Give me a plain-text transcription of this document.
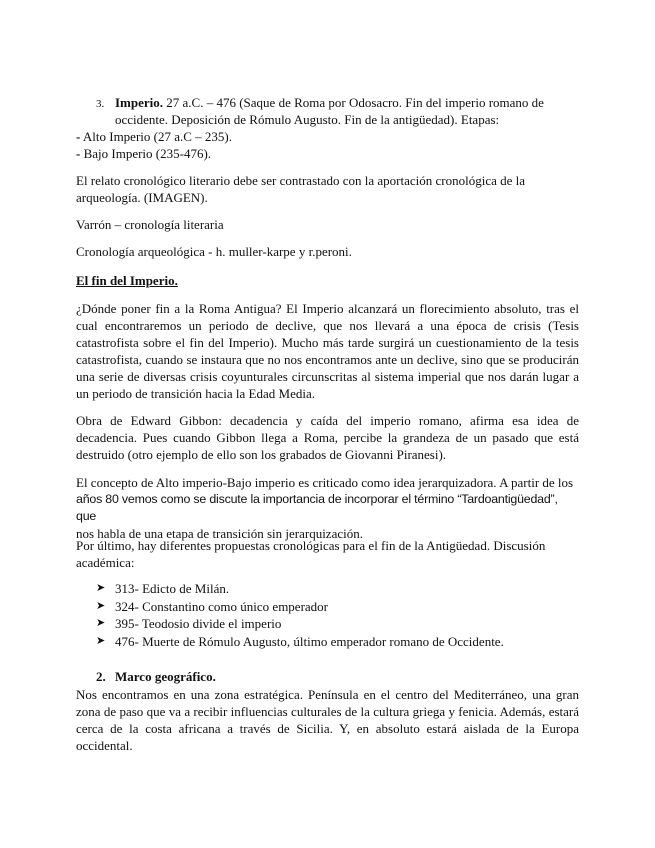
3. Imperio. 27 a.C. – 476 (Saque de Roma por Odosacro. Fin del imperio romano de

occidente. Deposición de Rómulo Augusto. Fin de la antigüedad). Etapas:

- Alto Imperio (27 a.C – 235).

- Bajo Imperio (235-476).

El relato cronológico literario debe ser contrastado con la aportación cronológica de la

arqueología. (IMAGEN).

Varrón – cronología literaria

Cronología arqueológica - h. muller-karpe y r.peroni.

El fin del Imperio.

¿Dónde poner fin a la Roma Antigua? El Imperio alcanzará un florecimiento absoluto, tras el cual encontraremos un periodo de declive, que nos llevará a una época de crisis (Tesis catastrofista sobre el fin del Imperio). Mucho más tarde surgirá un cuestionamiento de la tesis catastrofista, cuando se instaura que no nos encontramos ante un declive, sino que se producirán una serie de diversas crisis coyunturales circunscritas al sistema imperial que nos darán lugar a un periodo de transición hacia la Edad Media.

Obra de Edward Gibbon: decadencia y caída del imperio romano, afirma esa idea de decadencia. Pues cuando Gibbon llega a Roma, percibe la grandeza de un pasado que está destruido (otro ejemplo de ello son los grabados de Giovanni Piranesi).

El concepto de Alto imperio-Bajo imperio es criticado como idea jerarquizadora. A partir de los

años 80 vemos como se discute la importancia de incorporar el término “Tardoantigüedad”, que

nos habla de una etapa de transición sin jerarquización.

Por último, hay diferentes propuestas cronológicas para el fin de la Antigüedad. Discusión

académica:

➤ 313- Edicto de Milán.
➤ 324- Constantino como único emperador
➤ 395- Teodosio divide el imperio
➤ 476- Muerte de Rómulo Augusto, último emperador romano de Occidente.

2. Marco geográfico.

Nos encontramos en una zona estratégica. Península en el centro del Mediterráneo, una gran zona de paso que va a recibir influencias culturales de la cultura griega y fenicia. Además, estará cerca de la costa africana a través de Sicilia. Y, en absoluto estará aislada de la Europa occidental.
